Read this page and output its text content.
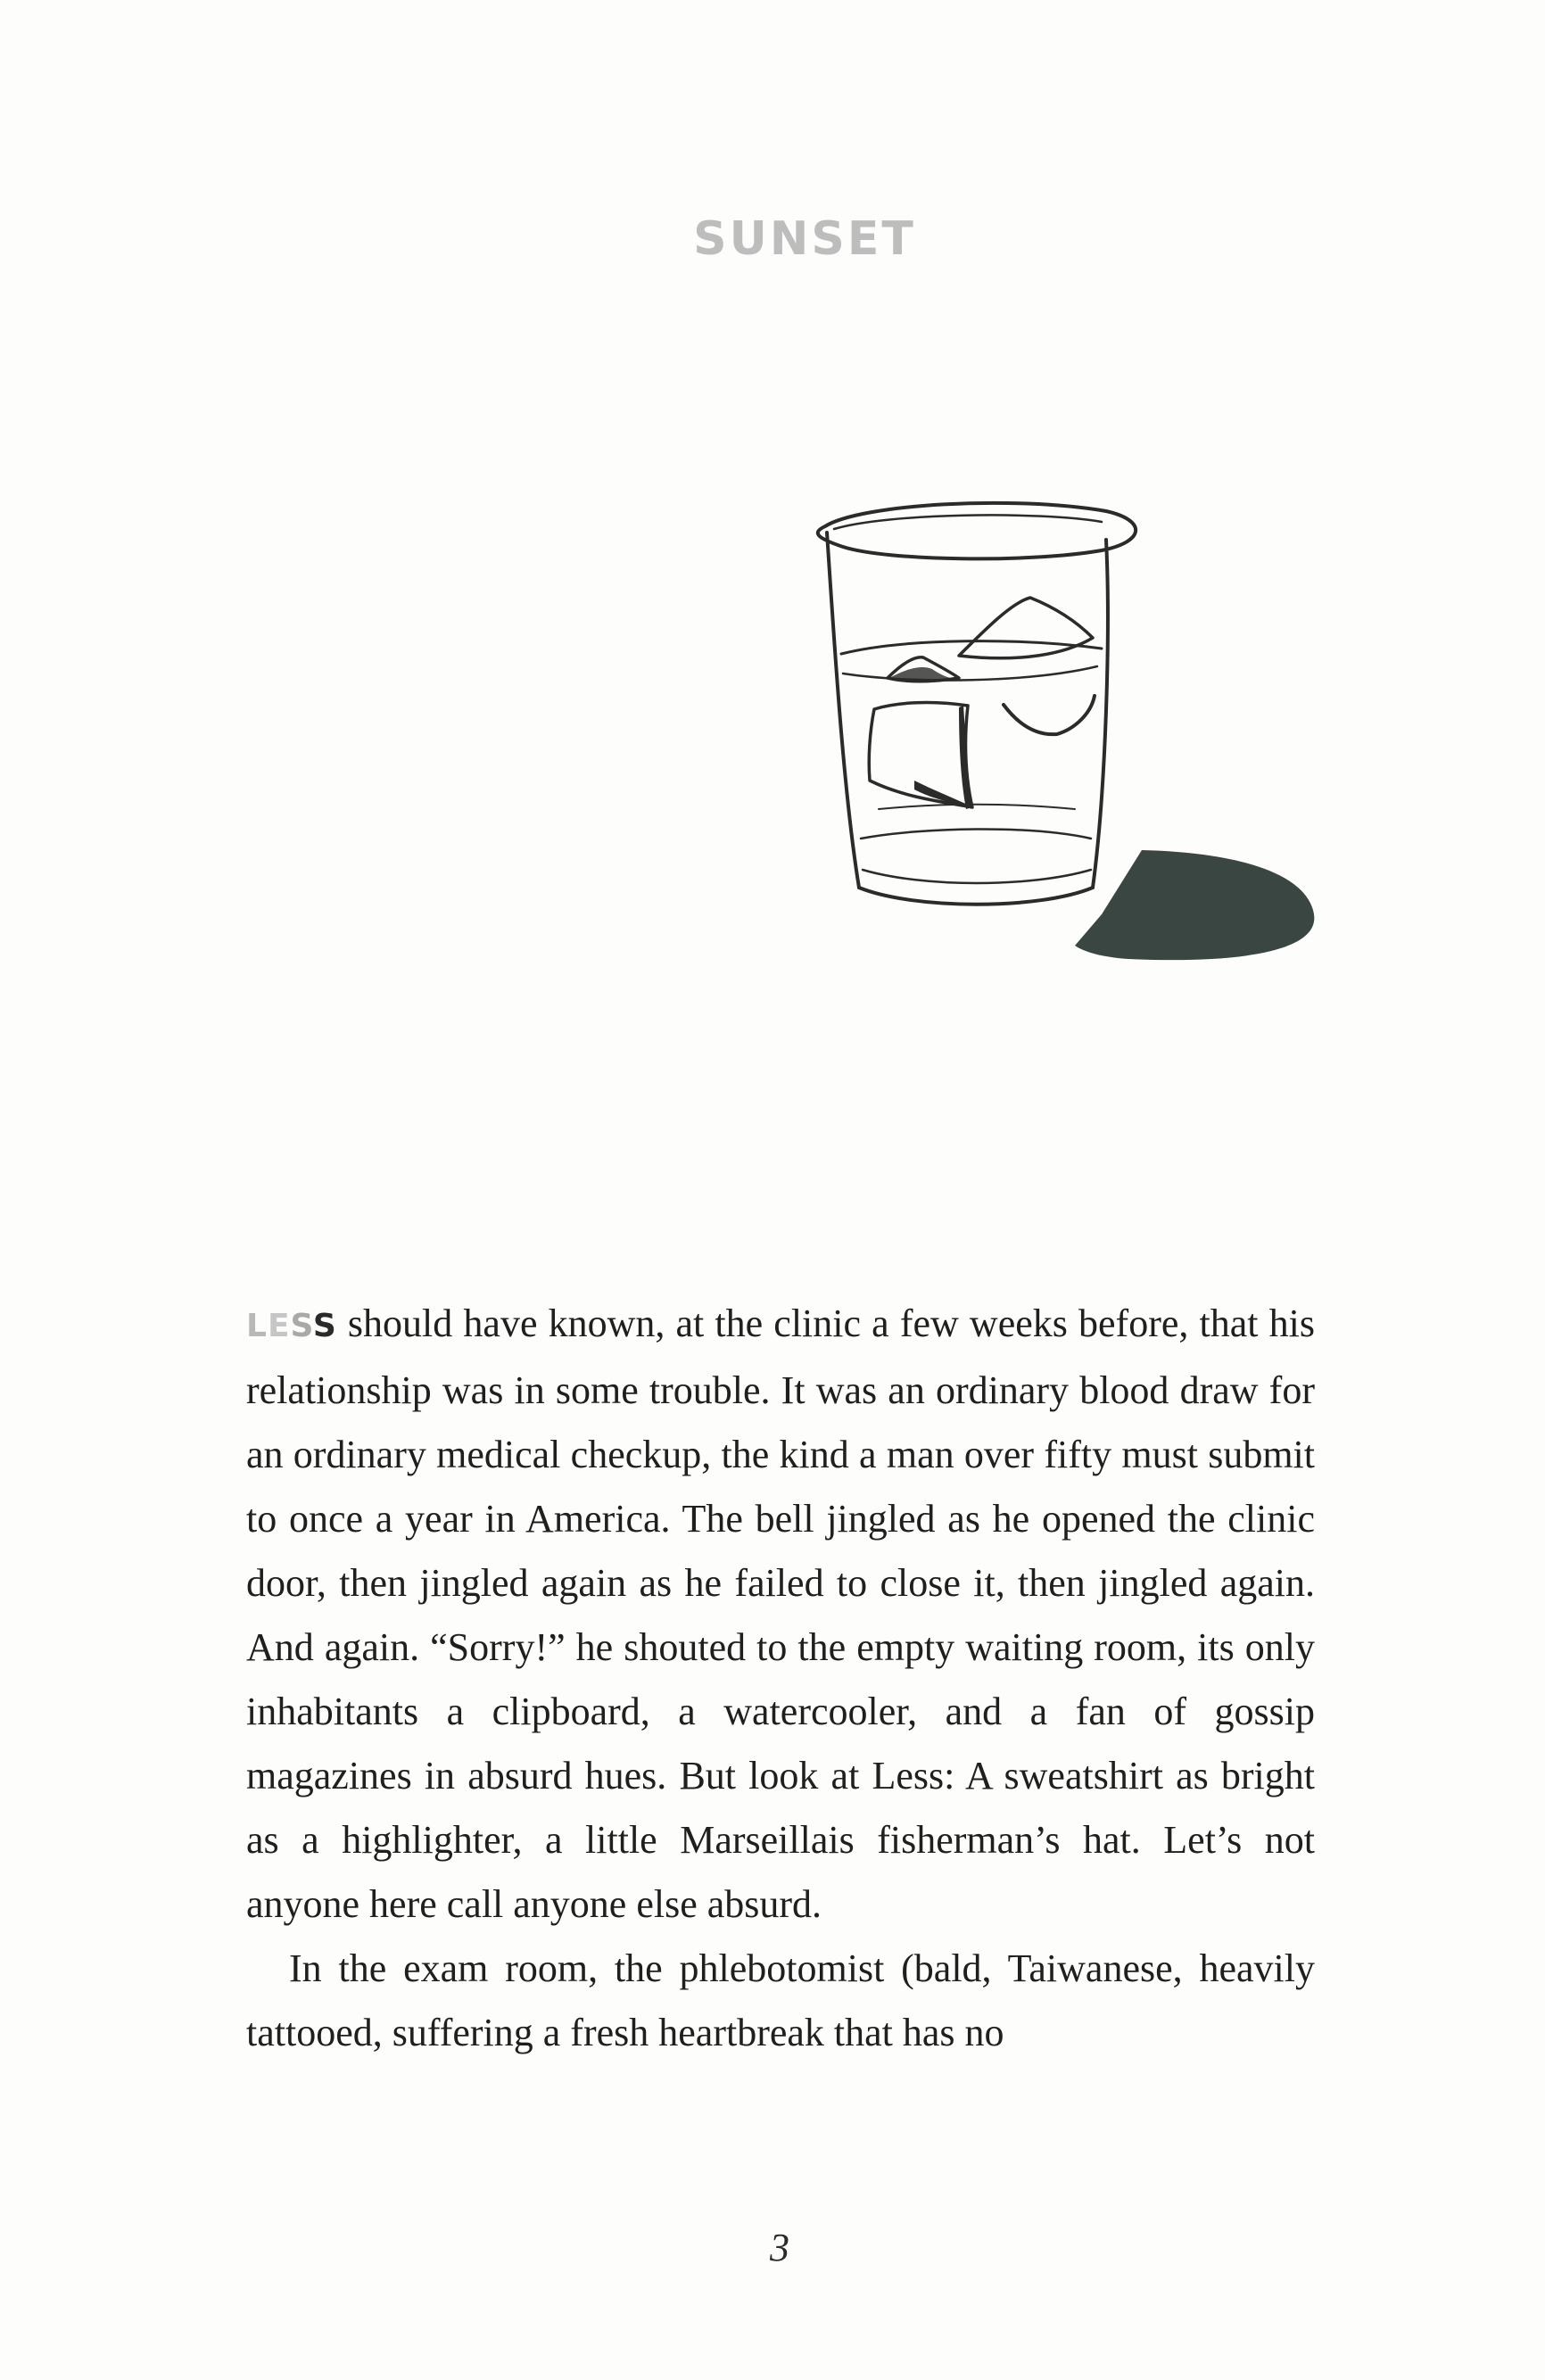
SUNSET

LESS should have known, at the clinic a few weeks before, that his relationship was in some trouble. It was an ordinary blood draw for an ordinary medical checkup, the kind a man over fifty must submit to once a year in America. The bell jingled as he opened the clinic door, then jingled again as he failed to close it, then jingled again. And again. “Sorry!” he shouted to the empty waiting room, its only inhabitants a clipboard, a watercooler, and a fan of gossip magazines in absurd hues. But look at Less: A sweatshirt as bright as a highlighter, a little Marseillais fisherman’s hat. Let’s not anyone here call anyone else absurd.

In the exam room, the phlebotomist (bald, Taiwanese, heavily tattooed, suffering a fresh heartbreak that has no

3
